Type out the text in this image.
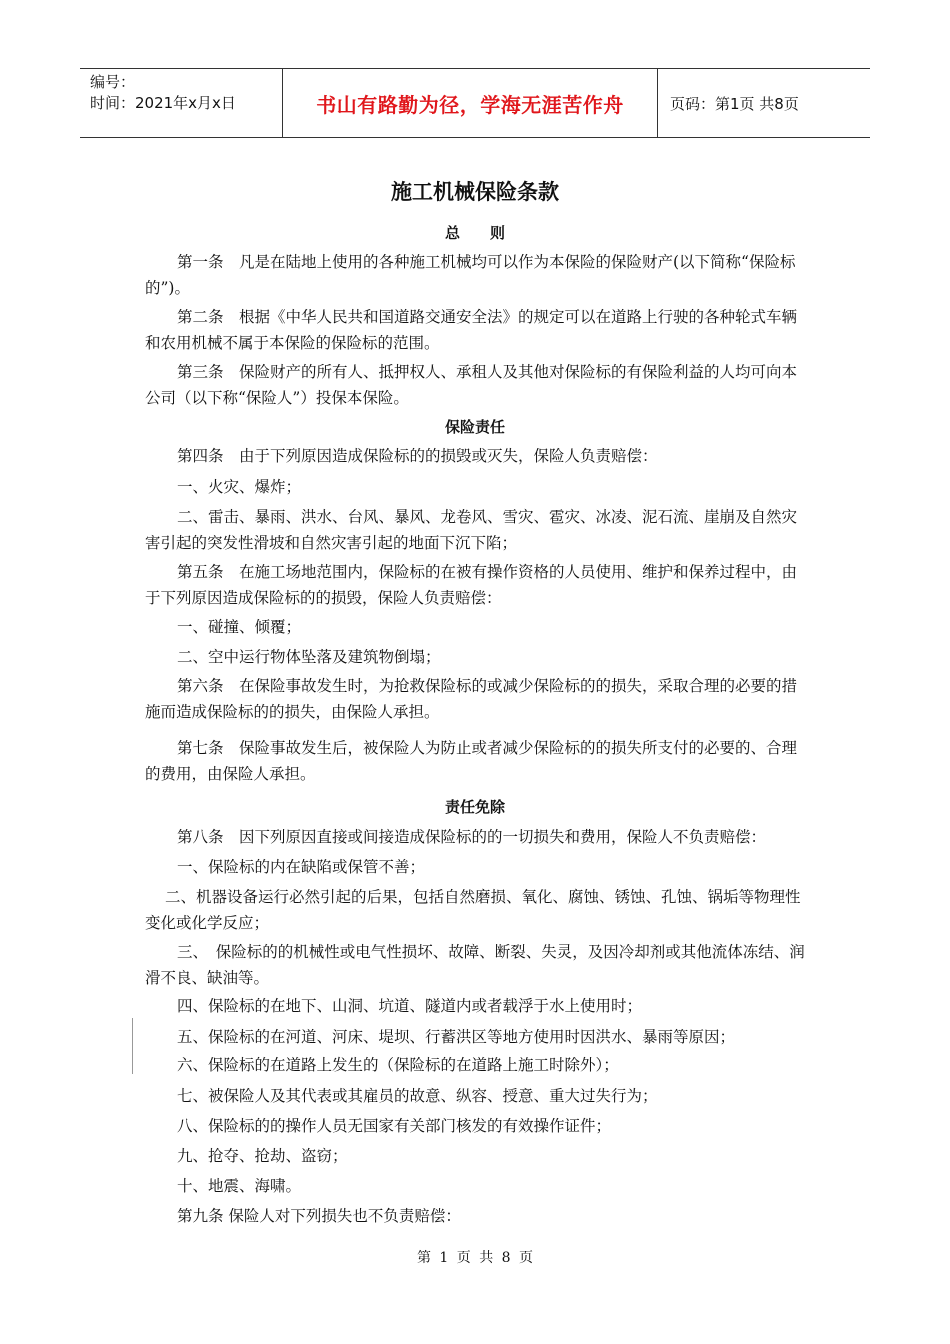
编号：
时间：2021年x月x日	书山有路勤为径，学海无涯苦作舟	页码：第1页 共8页
施工机械保险条款
总　　则

第一条　凡是在陆地上使用的各种施工机械均可以作为本保险的保险财产(以下简称“保险标的”)。

第二条　根据《中华人民共和国道路交通安全法》的规定可以在道路上行驶的各种轮式车辆和农用机械不属于本保险的保险标的范围。

第三条　保险财产的所有人、抵押权人、承租人及其他对保险标的有保险利益的人均可向本公司（以下称“保险人”）投保本保险。

保险责任

第四条　由于下列原因造成保险标的的损毁或灭失，保险人负责赔偿：

一、火灾、爆炸；

二、雷击、暴雨、洪水、台风、暴风、龙卷风、雪灾、雹灾、冰凌、泥石流、崖崩及自然灾害引起的突发性滑坡和自然灾害引起的地面下沉下陷；

第五条　在施工场地范围内，保险标的在被有操作资格的人员使用、维护和保养过程中，由于下列原因造成保险标的的损毁，保险人负责赔偿：

一、碰撞、倾覆；

二、空中运行物体坠落及建筑物倒塌；

第六条　在保险事故发生时，为抢救保险标的或减少保险标的的损失，采取合理的必要的措施而造成保险标的的损失，由保险人承担。

第七条　保险事故发生后，被保险人为防止或者减少保险标的的损失所支付的必要的、合理的费用，由保险人承担。

责任免除

第八条　因下列原因直接或间接造成保险标的的一切损失和费用，保险人不负责赔偿：

一、保险标的内在缺陷或保管不善；

二、机器设备运行必然引起的后果，包括自然磨损、氧化、腐蚀、锈蚀、孔蚀、锅垢等物理性变化或化学反应；

三、　保险标的的机械性或电气性损坏、故障、断裂、失灵，及因冷却剂或其他流体冻结、润滑不良、缺油等。

四、保险标的在地下、山洞、坑道、隧道内或者载浮于水上使用时；

五、保险标的在河道、河床、堤坝、行蓄洪区等地方使用时因洪水、暴雨等原因；

六、保险标的在道路上发生的（保险标的在道路上施工时除外）；

七、被保险人及其代表或其雇员的故意、纵容、授意、重大过失行为；

八、保险标的的操作人员无国家有关部门核发的有效操作证件；

九、抢夺、抢劫、盗窃；

十、地震、海啸。

第九条 保险人对下列损失也不负责赔偿：

第 1 页 共 8 页
